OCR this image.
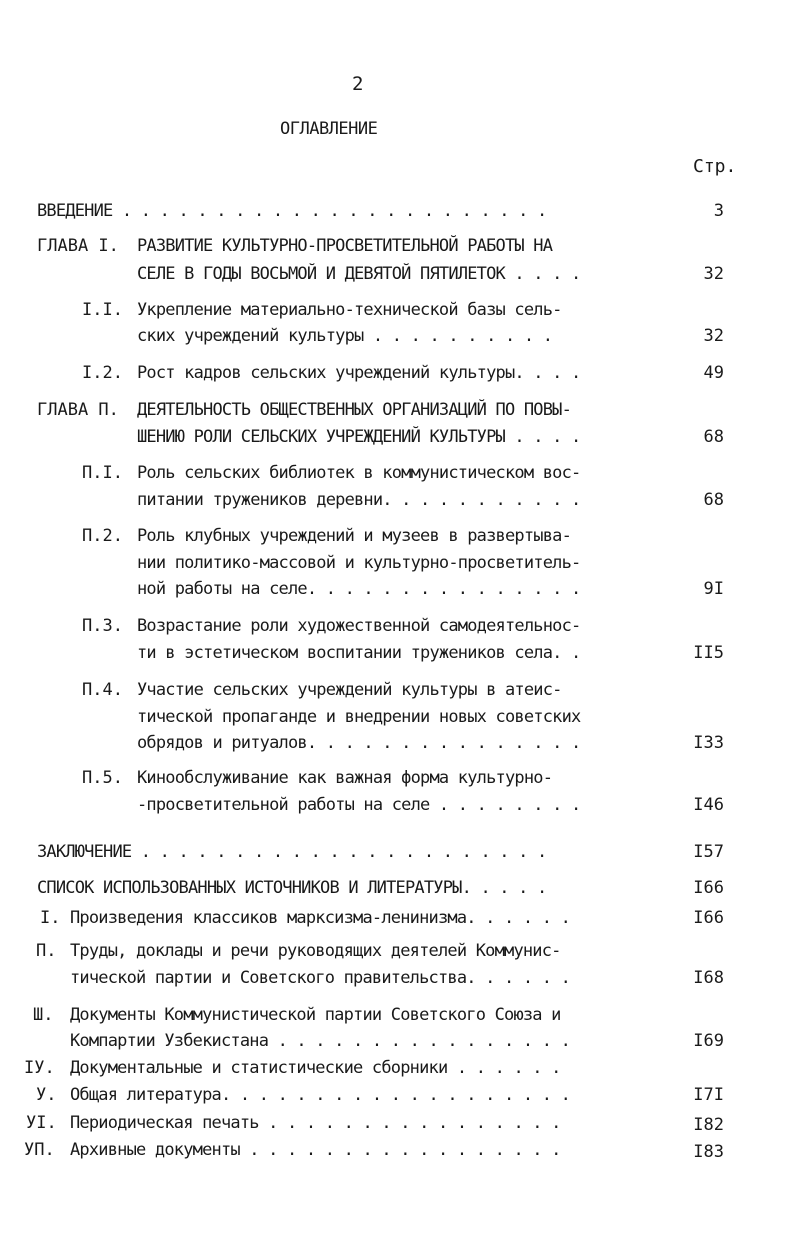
2
ОГЛАВЛЕНИЕ
Стр.
ВВЕДЕНИЕ . . . . . . . . . . . . . . . . . . . . . . .	3
ГЛАВА I. РАЗВИТИЕ КУЛЬТУРНО-ПРОСВЕТИТЕЛЬНОЙ РАБОТЫ НА
СЕЛЕ В ГОДЫ ВОСЬМОЙ И ДЕВЯТОЙ ПЯТИЛЕТОК . . . .	32
I.I. Укрепление материально-технической базы сель-
ских учреждений культуры . . . . . . . . . .	32
I.2. Рост кадров сельских учреждений культуры. . . .	49
ГЛАВА П. ДЕЯТЕЛЬНОСТЬ ОБЩЕСТВЕННЫХ ОРГАНИЗАЦИЙ ПО ПОВЫ-
ШЕНИЮ РОЛИ СЕЛЬСКИХ УЧРЕЖДЕНИЙ КУЛЬТУРЫ . . . .	68
П.I. Роль сельских библиотек в коммунистическом вос-
питании тружеников деревни. . . . . . . . . . .	68
П.2. Роль клубных учреждений и музеев в развертыва-
нии политико-массовой и культурно-просветитель-
ной работы на селе. . . . . . . . . . . . . . .	9I
П.3. Возрастание роли художественной самодеятельнос-
ти в эстетическом воспитании тружеников села. .	II5
П.4. Участие сельских учреждений культуры в атеис-
тической пропаганде и внедрении новых советских
обрядов и ритуалов. . . . . . . . . . . . . . .	I33
П.5. Кинообслуживание как важная форма культурно-
-просветительной работы на селе . . . . . . . .	I46
ЗАКЛЮЧЕНИЕ . . . . . . . . . . . . . . . . . . . . . .	I57
СПИСОК ИСПОЛЬЗОВАННЫХ ИСТОЧНИКОВ И ЛИТЕРАТУРЫ. . . . .	I66
I. Произведения классиков марксизма-ленинизма. . . . . .	I66
П. Труды, доклады и речи руководящих деятелей Коммунис-
тической партии и Советского правительства. . . . . .	I68
Ш. Документы Коммунистической партии Советского Союза и
Компартии Узбекистана . . . . . . . . . . . . . . . .	I69
IУ. Документальные и статистические сборники . . . . . .
У. Общая литература. . . . . . . . . . . . . . . . . . .	I7I
УI. Периодическая печать . . . . . . . . . . . . . . . .	I82
УП. Архивные документы . . . . . . . . . . . . . . . . .	I83
